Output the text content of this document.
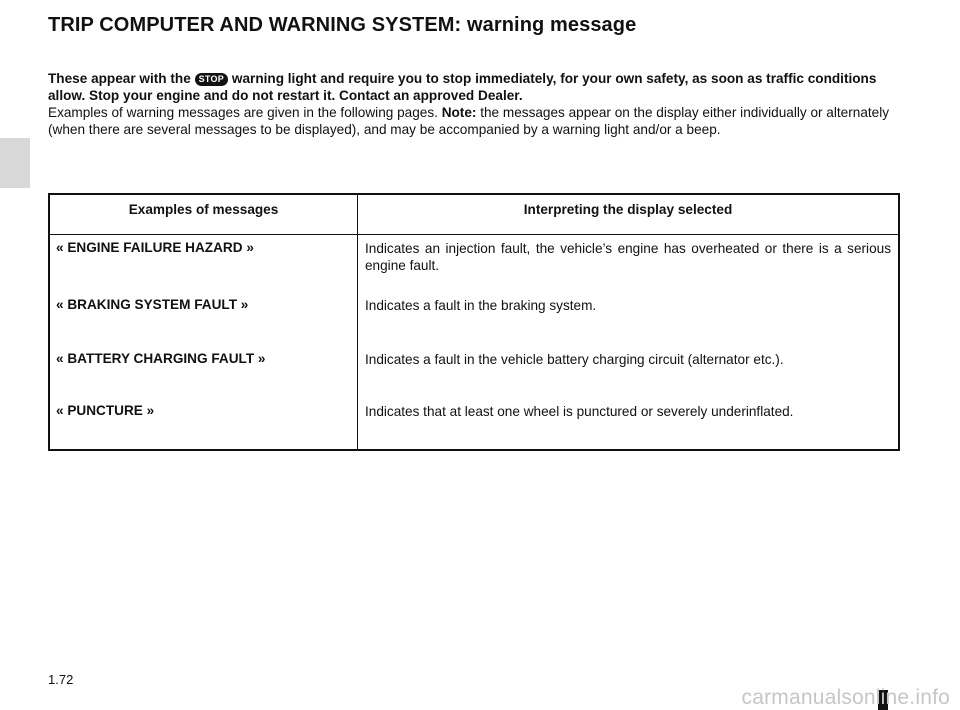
TRIP COMPUTER AND WARNING SYSTEM: warning message
These appear with the STOP warning light and require you to stop immediately, for your own safety, as soon as traffic conditions allow. Stop your engine and do not restart it. Contact an approved Dealer.
Examples of warning messages are given in the following pages. Note: the messages appear on the display either individually or alternately (when there are several messages to be displayed), and may be accompanied by a warning light and/or a beep.
Examples of messages	Interpreting the display selected
« ENGINE FAILURE HAZARD »	Indicates an injection fault, the vehicle’s engine has overheated or there is a serious engine fault.
« BRAKING SYSTEM FAULT »	Indicates a fault in the braking system.
« BATTERY CHARGING FAULT »	Indicates a fault in the vehicle battery charging circuit (alternator etc.).
« PUNCTURE »	Indicates that at least one wheel is punctured or severely underinflated.
1.72
carmanualsonline.info
